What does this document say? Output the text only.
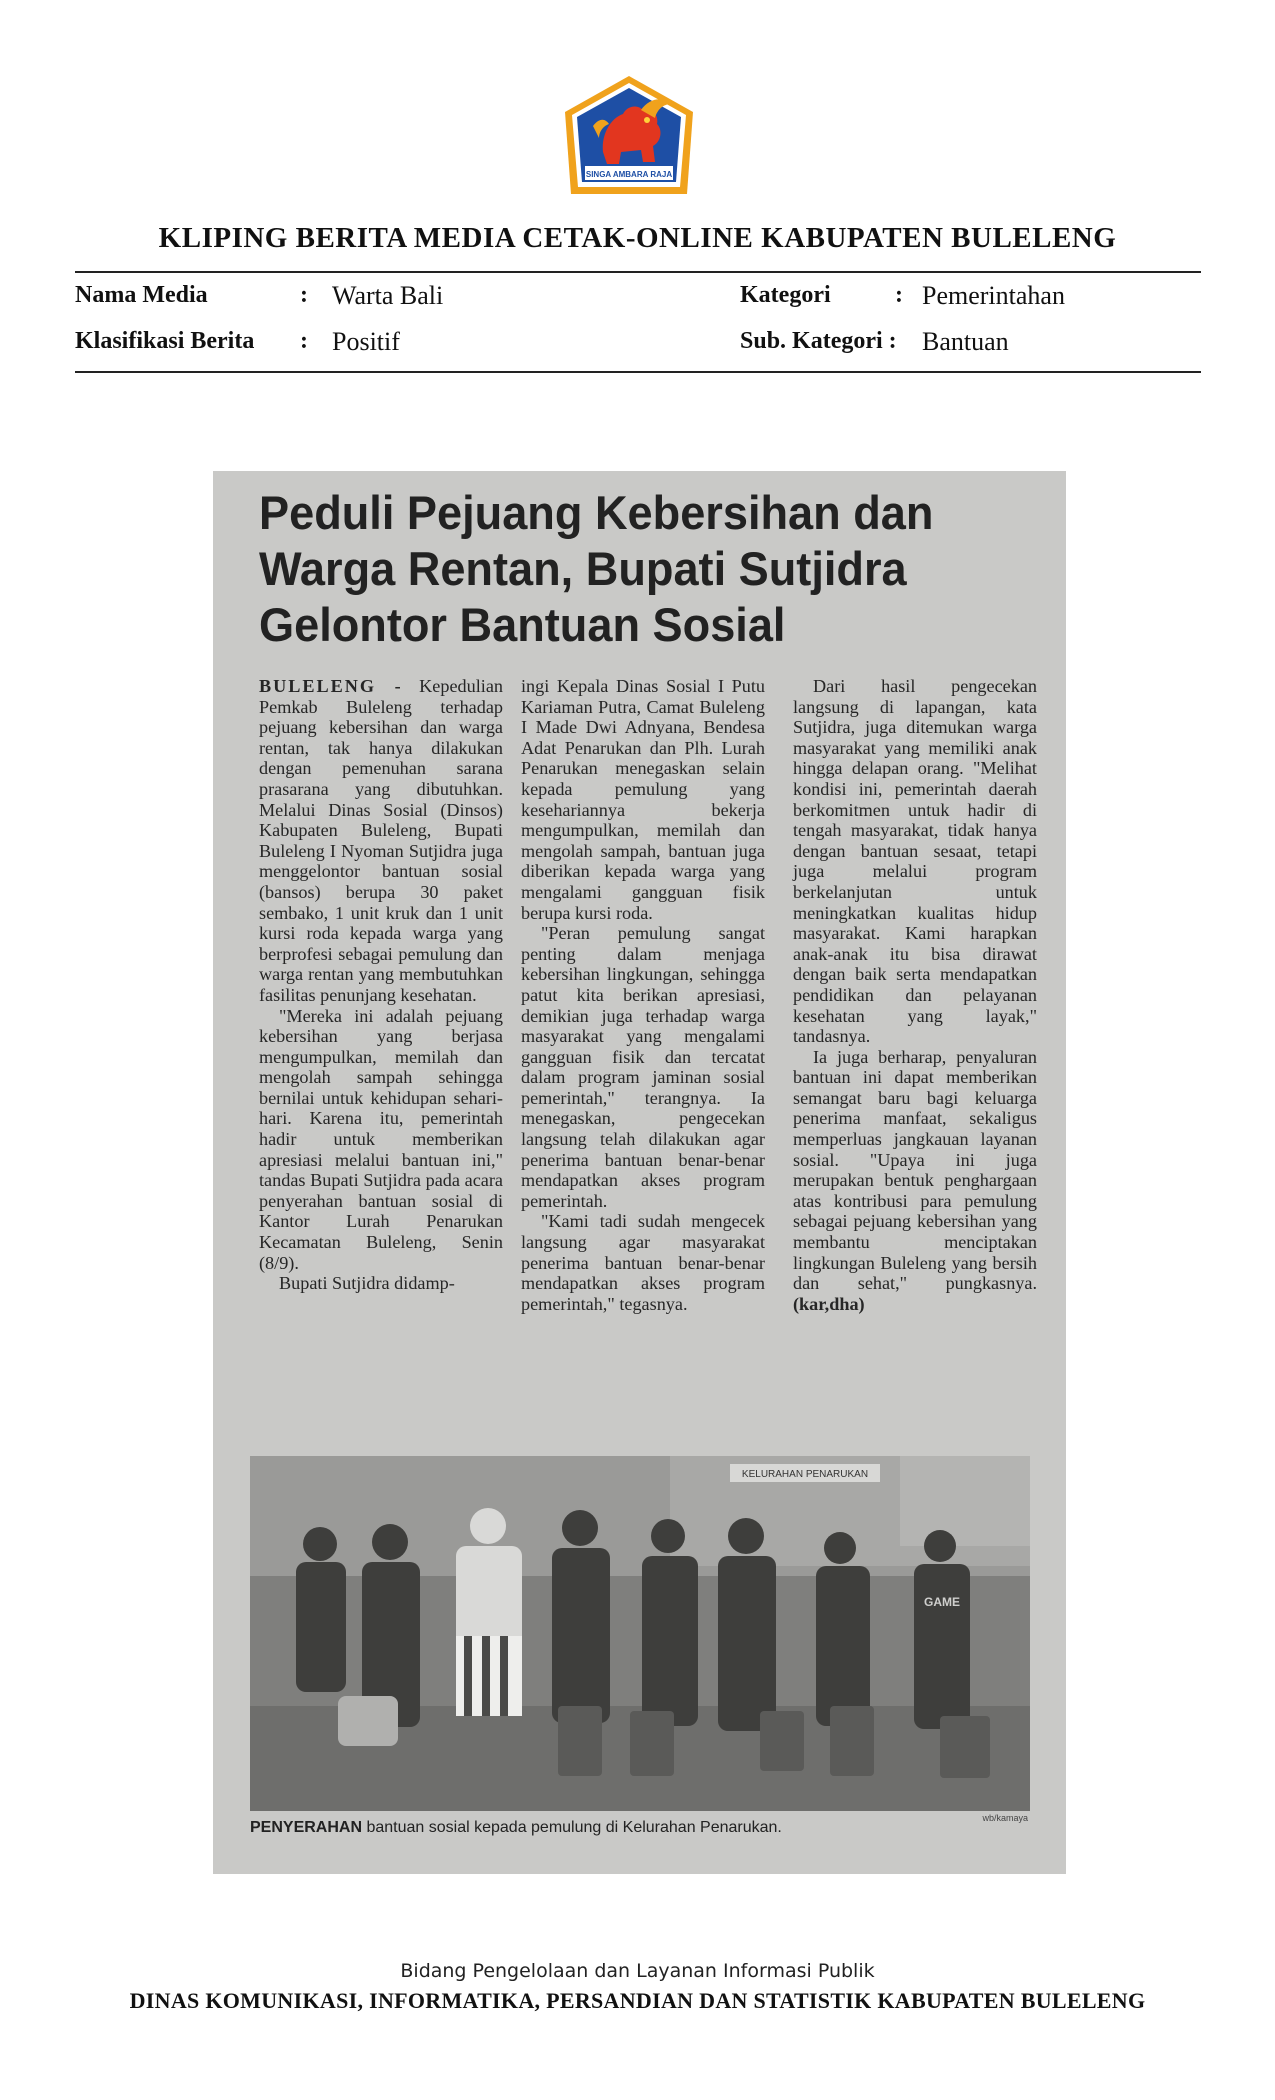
SINGA AMBARA RAJA
KLIPING BERITA MEDIA CETAK-ONLINE KABUPATEN BULELENG
Nama Media	: Warta Bali	Kategori	: Pemerintahan
Klasifikasi Berita : Positif	Sub. Kategori : Bantuan
Peduli Pejuang Kebersihan dan Warga Rentan, Bupati Sutjidra Gelontor Bantuan Sosial

BULELENG - Kepedulian Pemkab Buleleng terhadap pejuang kebersihan dan warga rentan, tak hanya dilakukan dengan pemenuhan sarana prasarana yang dibutuhkan. Melalui Dinas Sosial (Dinsos) Kabupaten Buleleng, Bupati Buleleng I Nyoman Sutjidra juga menggelontor bantuan sosial (bansos) berupa 30 paket sembako, 1 unit kruk dan 1 unit kursi roda kepada warga yang berprofesi sebagai pemulung dan warga rentan yang membutuhkan fasilitas penunjang kesehatan.

"Mereka ini adalah pejuang kebersihan yang berjasa mengumpulkan, memilah dan mengolah sampah sehingga bernilai untuk kehidupan sehari-hari. Karena itu, pemerintah hadir untuk memberikan apresiasi melalui bantuan ini," tandas Bupati Sutjidra pada acara penyerahan bantuan sosial di Kantor Lurah Penarukan Kecamatan Buleleng, Senin (8/9).

Bupati Sutjidra didamp-

ingi Kepala Dinas Sosial I Putu Kariaman Putra, Camat Buleleng I Made Dwi Adnyana, Bendesa Adat Penarukan dan Plh. Lurah Penarukan menegaskan selain kepada pemulung yang kesehariannya bekerja mengumpulkan, memilah dan mengolah sampah, bantuan juga diberikan kepada warga yang mengalami gangguan fisik berupa kursi roda.

"Peran pemulung sangat penting dalam menjaga kebersihan lingkungan, sehingga patut kita berikan apresiasi, demikian juga terhadap warga masyarakat yang mengalami gangguan fisik dan tercatat dalam program jaminan sosial pemerintah," terangnya. Ia menegaskan, pengecekan langsung telah dilakukan agar penerima bantuan benar-benar mendapatkan akses program pemerintah.

"Kami tadi sudah mengecek langsung agar masyarakat penerima bantuan benar-benar mendapatkan akses program pemerintah," tegasnya.

Dari hasil pengecekan langsung di lapangan, kata Sutjidra, juga ditemukan warga masyarakat yang memiliki anak hingga delapan orang. "Melihat kondisi ini, pemerintah daerah berkomitmen untuk hadir di tengah masyarakat, tidak hanya dengan bantuan sesaat, tetapi juga melalui program berkelanjutan untuk meningkatkan kualitas hidup masyarakat. Kami harapkan anak-anak itu bisa dirawat dengan baik serta mendapatkan pendidikan dan pelayanan kesehatan yang layak," tandasnya.

Ia juga berharap, penyaluran bantuan ini dapat memberikan semangat baru bagi keluarga penerima manfaat, sekaligus memperluas jangkauan layanan sosial. "Upaya ini juga merupakan bentuk penghargaan atas kontribusi para pemulung sebagai pejuang kebersihan yang membantu menciptakan lingkungan Buleleng yang bersih dan sehat," pungkasnya. (kar,dha)

KELURAHAN PENARUKAN
GAME
PENYERAHAN bantuan sosial kepada pemulung di Kelurahan Penarukan.
wb/kamaya
Bidang Pengelolaan dan Layanan Informasi Publik
DINAS KOMUNIKASI, INFORMATIKA, PERSANDIAN DAN STATISTIK KABUPATEN BULELENG
